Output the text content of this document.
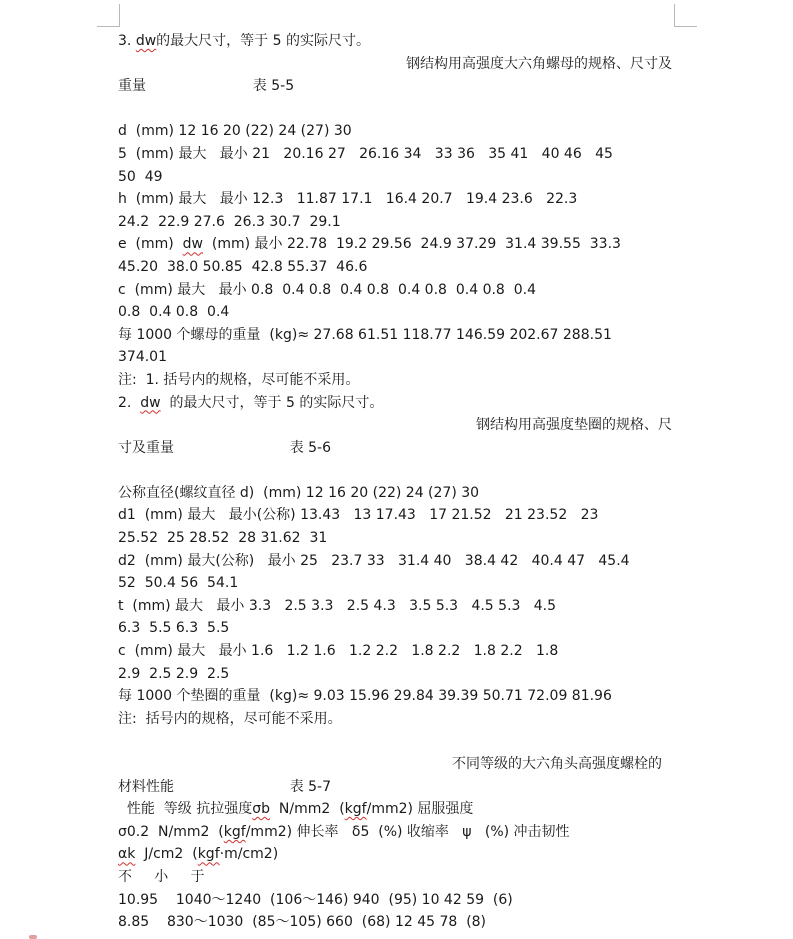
3. dw的最大尺寸，等于 5 的实际尺寸。
钢结构用高强度大六角螺母的规格、尺寸及
重量                        表 5-5
d  (mm) 12 16 20 (22) 24 (27) 30
5  (mm) 最大   最小 21   20.16 27   26.16 34   33 36   35 41   40 46   45
50  49
h  (mm) 最大   最小 12.3   11.87 17.1   16.4 20.7   19.4 23.6   22.3
24.2  22.9 27.6  26.3 30.7  29.1
e  (mm)  dw  (mm) 最小 22.78  19.2 29.56  24.9 37.29  31.4 39.55  33.3
45.20  38.0 50.85  42.8 55.37  46.6
c  (mm) 最大   最小 0.8  0.4 0.8  0.4 0.8  0.4 0.8  0.4 0.8  0.4
0.8  0.4 0.8  0.4
每 1000 个螺母的重量  (kg)≈ 27.68 61.51 118.77 146.59 202.67 288.51
374.01
注:  1. 括号内的规格，尽可能不采用。
2.  dw  的最大尺寸，等于 5 的实际尺寸。
钢结构用高强度垫圈的规格、尺
寸及重量                          表 5-6
公称直径(螺纹直径 d)  (mm) 12 16 20 (22) 24 (27) 30
d1  (mm) 最大   最小(公称) 13.43   13 17.43   17 21.52   21 23.52   23
25.52  25 28.52  28 31.62  31
d2  (mm) 最大(公称)   最小 25   23.7 33   31.4 40   38.4 42   40.4 47   45.4
52  50.4 56  54.1
t  (mm) 最大   最小 3.3   2.5 3.3   2.5 4.3   3.5 5.3   4.5 5.3   4.5
6.3  5.5 6.3  5.5
c  (mm) 最大   最小 1.6   1.2 1.6   1.2 2.2   1.8 2.2   1.8 2.2   1.8
2.9  2.5 2.9  2.5
每 1000 个垫圈的重量  (kg)≈ 9.03 15.96 29.84 39.39 50.71 72.09 81.96
注:  括号内的规格，尽可能不采用。
不同等级的大六角头高强度螺栓的
材料性能                          表 5-7
性能  等级 抗拉强度σb  N/mm2  (kgf/mm2) 屈服强度
σ0.2  N/mm2  (kgf/mm2) 伸长率   δ5  (%) 收缩率   ψ   (%) 冲击韧性
αk  J/cm2  (kgf·m/cm2)
不     小     于
10.95    1040～1240  (106～146) 940  (95) 10 42 59  (6)
8.85    830～1030  (85～105) 660  (68) 12 45 78  (8)
